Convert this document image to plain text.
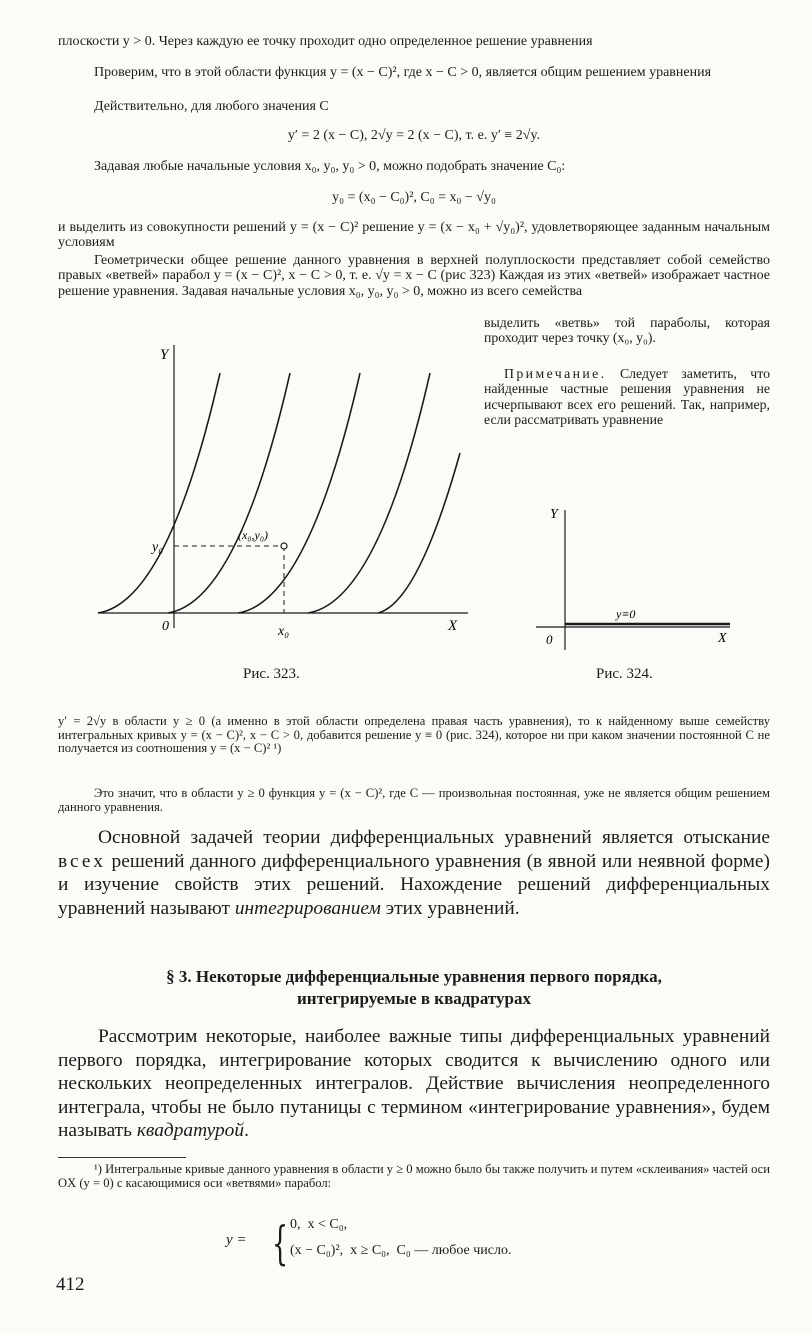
плоскости y > 0. Через каждую ее точку проходит одно определенное решение уравнения

Проверим, что в этой области функция y = (x − C)², где x − C > 0, является общим решением уравнения

Действительно, для любого значения C

y′ = 2 (x − C), 2√y = 2 (x − C), т. е. y′ ≡ 2√y.

Задавая любые начальные условия x₀, y₀, y₀ > 0, можно подобрать значение C₀:

y₀ = (x₀ − C₀)², C₀ = x₀ − √y₀

и выделить из совокупности решений y = (x − C)² решение y = (x − x₀ + √y₀)², удовлетворяющее заданным начальным условиям

Геометрически общее решение данного уравнения в верхней полуплоскости представляет собой семейство правых «ветвей» парабол y = (x − C)², x − C > 0, т. е. √y = x − C (рис 323) Каждая из этих «ветвей» изображает частное решение уравнения. Задавая начальные условия x₀, y₀, y₀ > 0, можно из всего семейства

выделить «ветвь» той параболы, которая проходит через точку (x₀, y₀).

Примечание. Следует заметить, что найденные частные решения уравнения не исчерпывают всех его решений. Так, например, если рассматривать уравнение

Y
X
0
y₀
x₀
(x₀,y₀)
Рис. 323.
Y
X
0
y≡0
Рис. 324.

y′ = 2√y в области y ≥ 0 (а именно в этой области определена правая часть уравнения), то к найденному выше семейству интегральных кривых y = (x − C)², x − C > 0, добавится решение y ≡ 0 (рис. 324), которое ни при каком значении постоянной C не получается из соотношения y = (x − C)² ¹)

Это значит, что в области y ≥ 0 функция y = (x − C)², где C — произвольная постоянная, уже не является общим решением данного уравнения.

Основной задачей теории дифференциальных уравнений является отыскание всех решений данного дифференциального уравнения (в явной или неявной форме) и изучение свойств этих решений. Нахождение решений дифференциальных уравнений называют интегрированием этих уравнений.

§ 3. Некоторые дифференциальные уравнения первого порядка,
интегрируемые в квадратурах

Рассмотрим некоторые, наиболее важные типы дифференциальных уравнений первого порядка, интегрирование которых сводится к вычислению одного или нескольких неопределенных интегралов. Действие вычисления неопределенного интеграла, чтобы не было путаницы с термином «интегрирование уравнения», будем называть квадратурой.

¹) Интегральные кривые данного уравнения в области y ≥ 0 можно было бы также получить и путем «склеивания» частей оси OX (y = 0) с касающимися оси «ветвями» парабол:

y = { 0,  x < C₀,
(x − C₀)²,  x ≥ C₀,  C₀ — любое число.
412
